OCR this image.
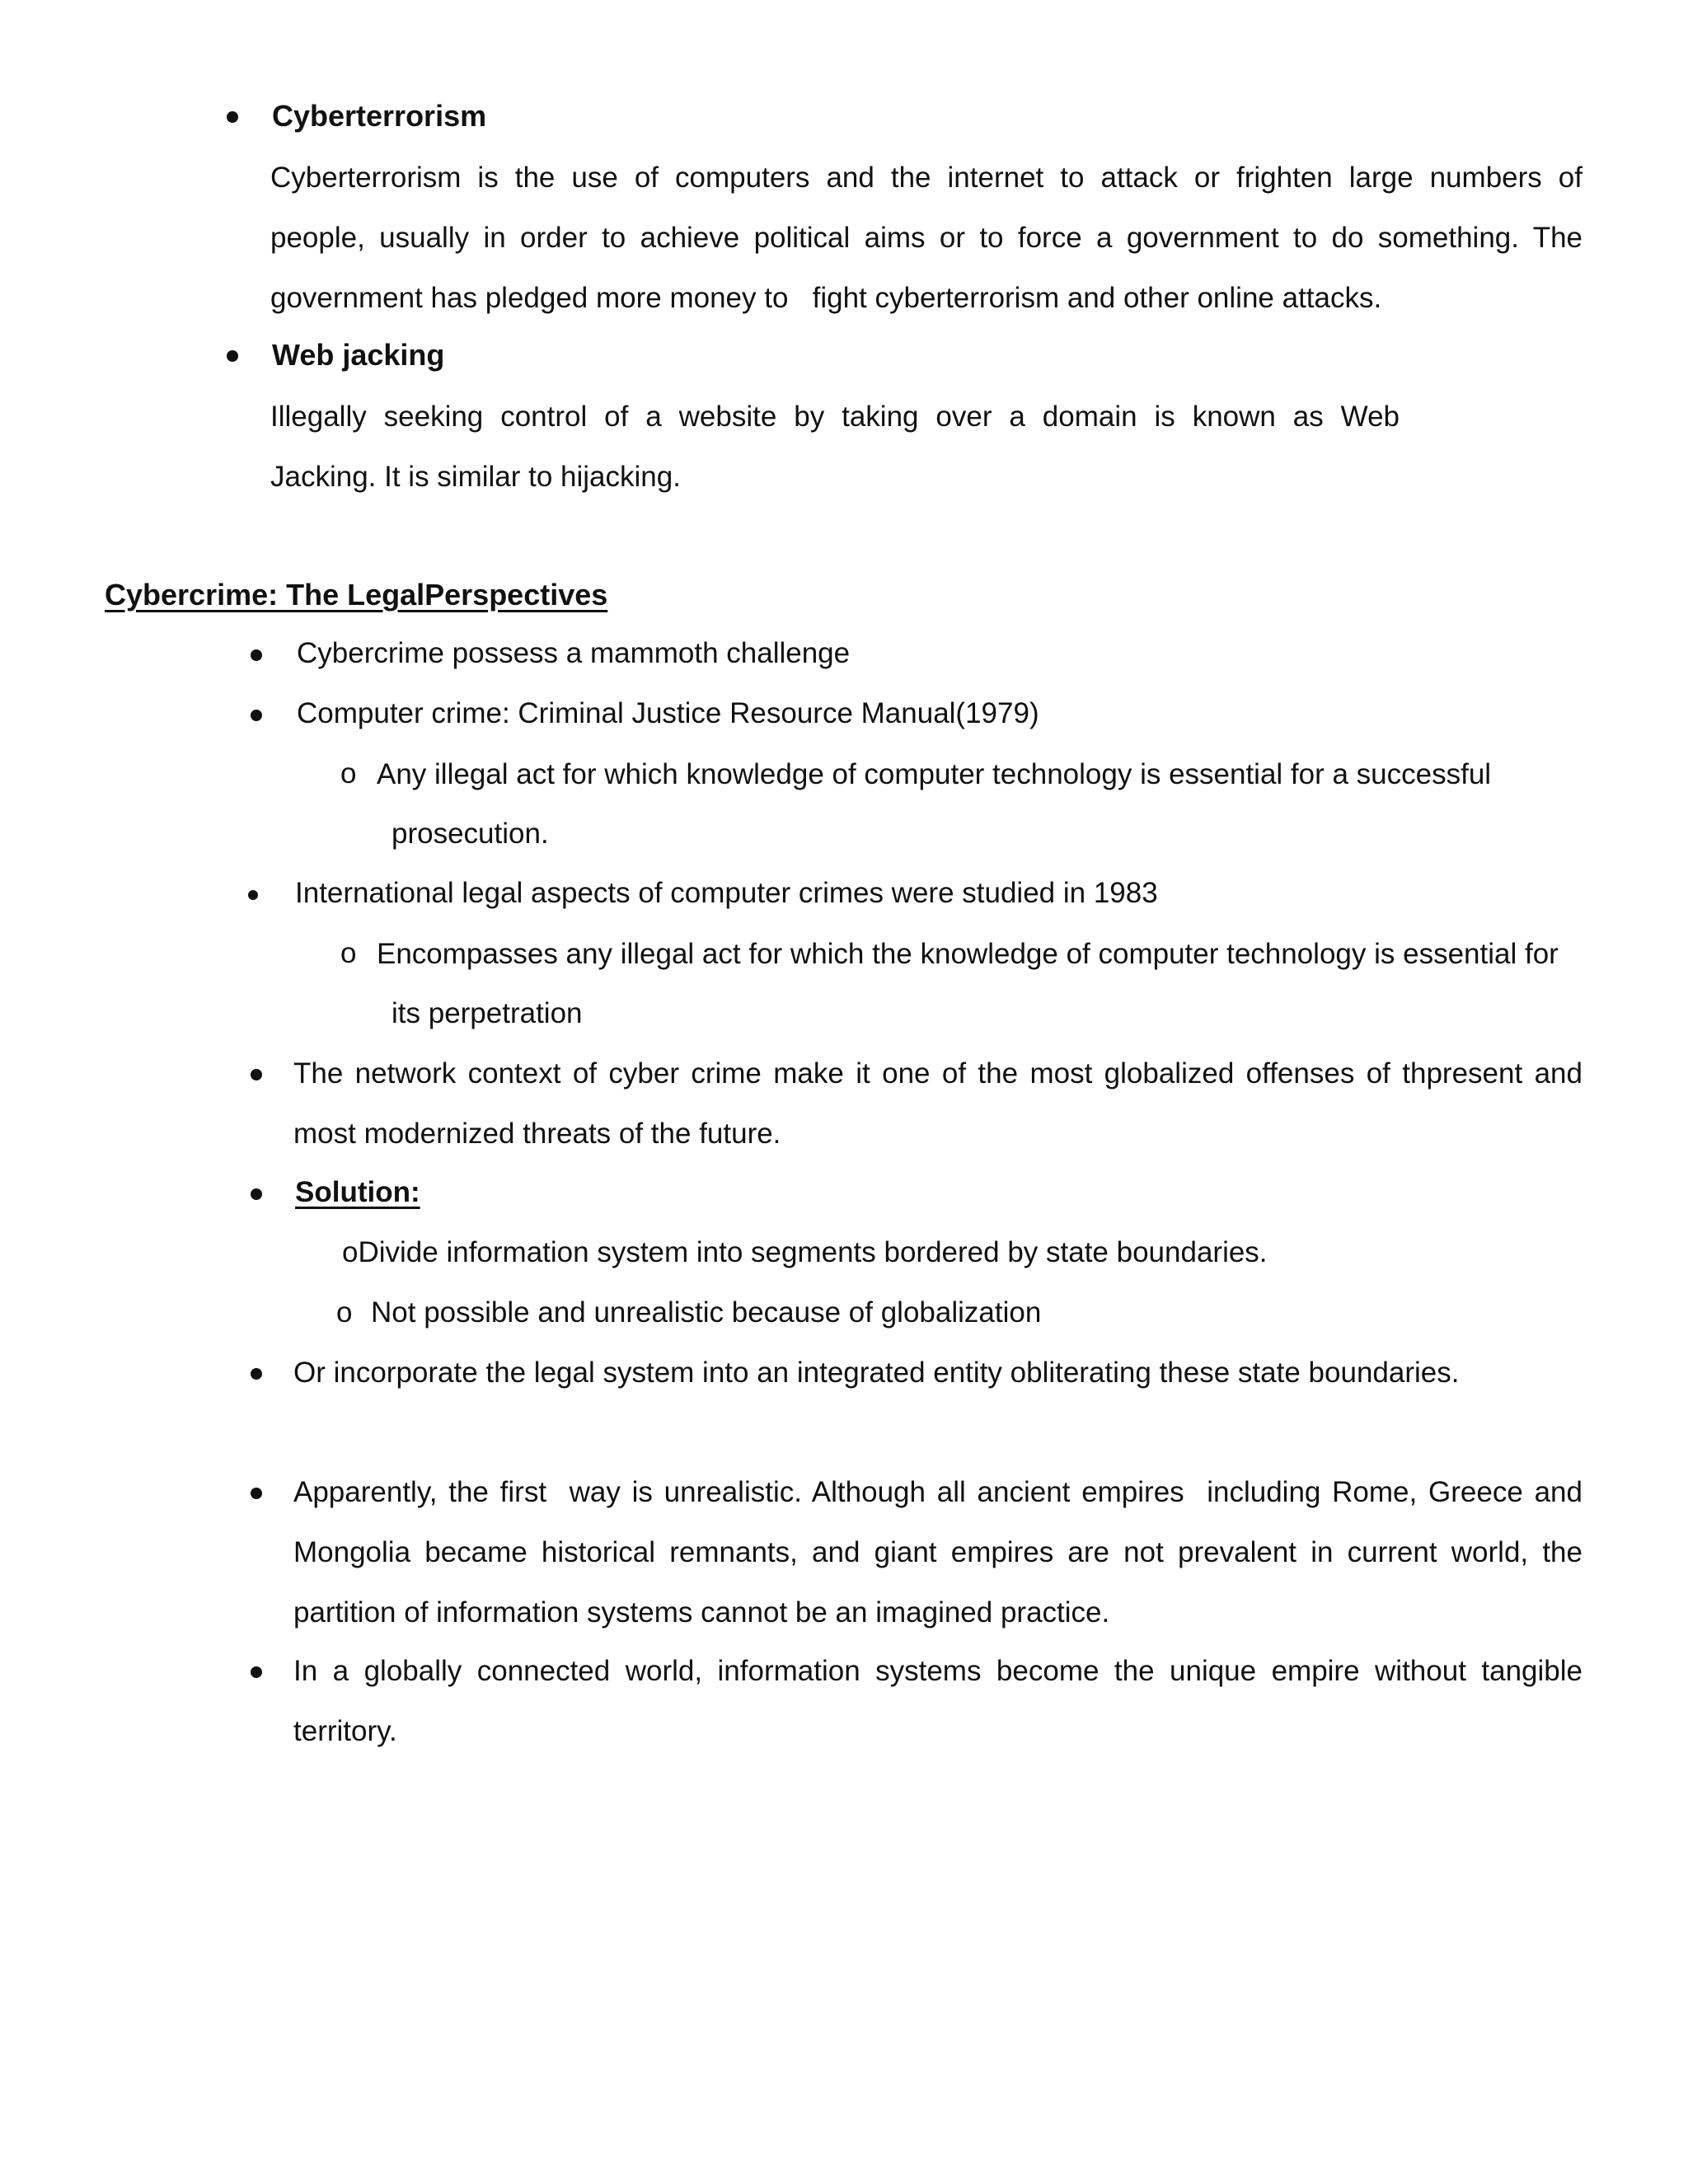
Cyberterrorism
Cyberterrorism is the use of computers and the internet to attack or frighten large numbers of
people, usually in order to achieve political aims or to force a government to do something. The
government has pledged more money to   fight cyberterrorism and other online attacks.
Web jacking
Illegally seeking control of a website by taking over a domain is known as Web
Jacking. It is similar to hijacking.
Cybercrime: The LegalPerspectives
Cybercrime possess a mammoth challenge
Computer crime: Criminal Justice Resource Manual(1979)
o Any illegal act for which knowledge of computer technology is essential for a successful
prosecution.
International legal aspects of computer crimes were studied in 1983
o Encompasses any illegal act for which the knowledge of computer technology is essential for
its perpetration
The network context of cyber crime make it one of the most globalized offenses of thpresent and most modernized threats of the future.
Solution:
oDivide information system into segments bordered by state boundaries.
o Not possible and unrealistic because of globalization
Or incorporate the legal system into an integrated entity obliterating these state boundaries.
Apparently, the first  way is unrealistic. Although all ancient empires  including Rome, Greece and Mongolia became historical remnants, and giant empires are not prevalent in current world, the partition of information systems cannot be an imagined practice.
In a globally connected world, information systems become the unique empire without tangible territory.
